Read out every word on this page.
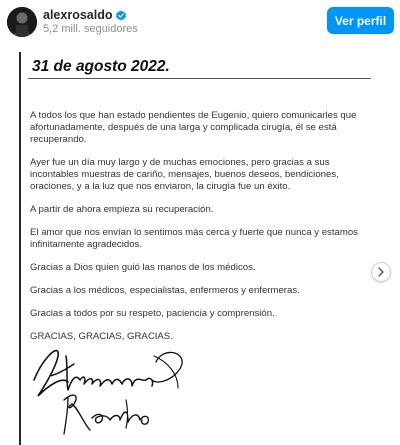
alexrosaldo
5,2 mill. seguidores
Ver perfil
31 de agosto 2022.

A todos los que han estado pendientes de Eugenio, quiero comunicarles que afortunadamente, después de una larga y complicada cirugía, él se está recuperando.

Ayer fue un día muy largo y de muchas emociones, pero gracias a sus incontables muestras de cariño, mensajes, buenos deseos, bendiciones, oraciones, y a la luz que nos enviaron, la cirugía fue un éxito.

A partir de ahora empieza su recuperación.

El amor que nos envían lo sentimos más cerca y fuerte que nunca y estamos infinitamente agradecidos.

Gracias a Dios quien guió las manos de los médicos.

Gracias a los médicos, especialistas, enfermeros y enfermeras.

Gracias a todos por su respeto, paciencia y comprensión.

GRACIAS, GRACIAS, GRACIAS.
